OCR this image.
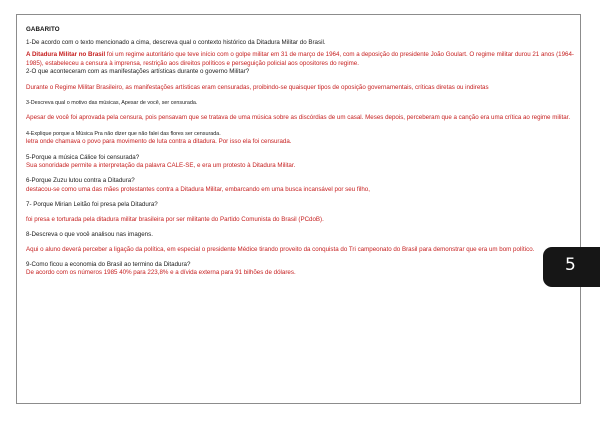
GABARITO

1-De acordo com o texto mencionado a cima, descreva qual o contexto histórico da Ditadura Militar do Brasil.

A Ditadura Militar no Brasil foi um regime autoritário que teve início com o golpe militar em 31 de março de 1964, com a deposição do presidente João Goulart. O regime militar durou 21 anos (1964-1985), estabeleceu a censura à imprensa, restrição aos direitos políticos e perseguição policial aos opositores do regime.

2-O que aconteceram com as manifestações artísticas durante o governo Militar?

Durante o Regime Militar Brasileiro, as manifestações artísticas eram censuradas, proibindo-se quaisquer tipos de oposição governamentais, críticas diretas ou indiretas

3-Descreva qual o motivo das músicas, Apesar de você, ser censurada.

Apesar de você foi aprovada pela censura, pois pensavam que se tratava de uma música sobre as discórdias de um casal. Meses depois, perceberam que a canção era uma crítica ao regime militar.

4-Explique porque a Música Pra não dizer que não falei das flores ser censurada.

letra onde chamava o povo para movimento de luta contra a ditadura. Por isso ela foi censurada.

5-Porque a música Cálice foi censurada?

Sua sonoridade permite a interpretação da palavra CALE-SE, e era um protesto à Ditadura Militar.

6-Porque Zuzu lutou contra a Ditadura?

destacou-se como uma das mães protestantes contra a Ditadura Militar, embarcando em uma busca incansável por seu filho,

7- Porque Mirian Leitão foi presa pela Ditadura?

foi presa e torturada pela ditadura militar brasileira por ser militante do Partido Comunista do Brasil (PCdoB).

8-Descreva o que você analisou nas imagens.

Aqui o aluno deverá perceber a ligação da política, em especial o presidente Médice tirando proveito da conquista do Tri campeonato do Brasil para demonstrar que era um bom político.

9-Como ficou a economia do Brasil ao termino da Ditadura?

De acordo com os números 1985 40% para 223,8% e a dívida externa para 91 bilhões de dólares.	5
